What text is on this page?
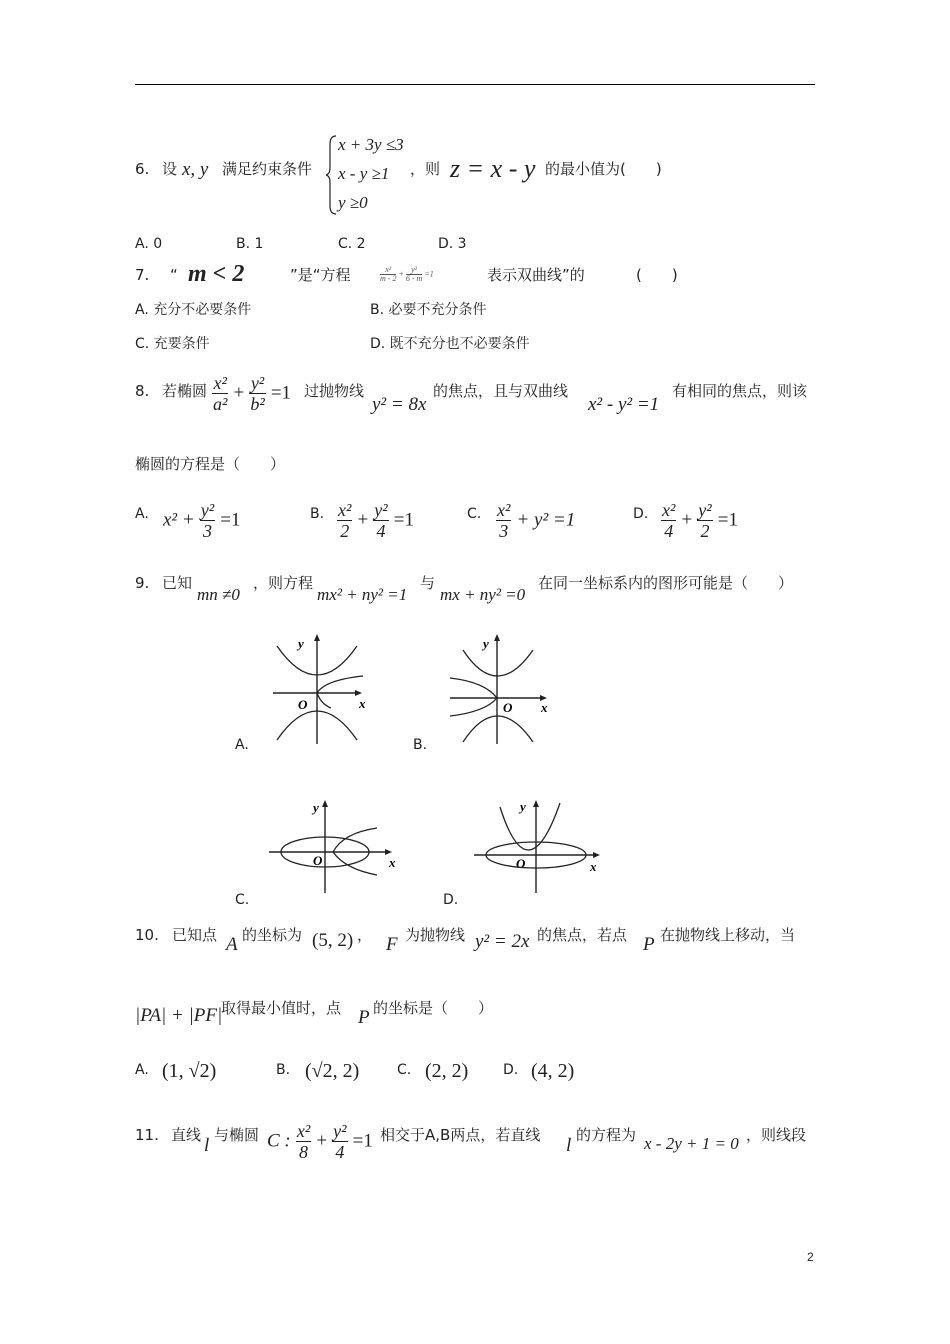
6. 设 x, y 满足约束条件
x + 3y ≤3
x - y ≥1
y ≥0
，则 z = x - y 的最小值为(　　)
A. 0	B. 1	C. 2	D. 3
7. “ m < 2	”是“方程	$\frac{\text{x²}}{m - 2} + \frac{\text{y²}}{6 - m} =1$	表示双曲线”的	(　　)
A. 充分不必要条件	B. 必要不充分条件
C. 充要条件	D. 既不充分也不必要条件
8. 若椭圆 $\frac{\text{x²}}{\text{a²}} + \frac{\text{y²}}{\text{b²}} =1$ 过抛物线
y² = 8x
的焦点，且与双曲线
x² - y² =1
有相同的焦点，则该
椭圆的方程是（　　）
A. $x^2 + \frac{\text{y²}}{3} =1$	B. $\frac{\text{x²}}{2} + \frac{\text{y²}}{4} =1$	C. $\frac{\text{x²}}{3} + y^2 =1$	D. $\frac{\text{x²}}{4} + \frac{\text{y²}}{2} =1$
9. 已知
mn ≠0
，则方程
mx² + ny² =1
与
mx + ny² =0
在同一坐标系内的图形可能是（　　）
y
x
O
A.
y
x
O
B.
y
x
O
C.
y
x
O
D.
10. 已知点 A 的坐标为 (5, 2) ， F 为抛物线 y² = 2x 的焦点，若点 P 在抛物线上移动，当
|PA| + |PF|
取得最小值时，点 P 的坐标是（　　）
A. (1, √2)	B. (√2, 2)	C. (2, 2) D. (4, 2)
11. 直线 l 与椭圆 C : $\frac{\text{x²}}{8} + \frac{\text{y²}}{4} =1$ 相交于A,B两点，若直线 l 的方程为 x - 2y + 1 = 0 ，则线段
2
